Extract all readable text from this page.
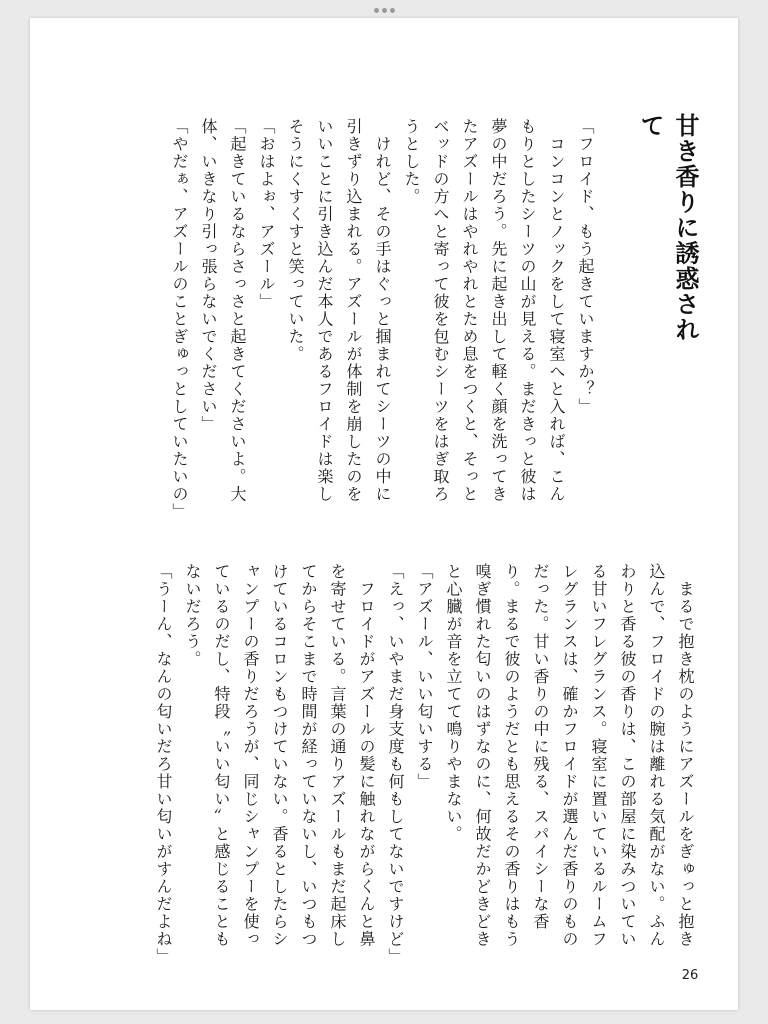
甘き香りに誘惑されて

「フロイド、もう起きていますか？」

　コンコンとノックをして寝室へと入れば、こんもりとしたシーツの山が見える。まだきっと彼は夢の中だろう。先に起き出して軽く顔を洗ってきたアズールはやれやれとため息をつくと、そっとベッドの方へと寄って彼を包むシーツをはぎ取ろうとした。

　けれど、その手はぐっと掴まれてシーツの中に引きずり込まれる。アズールが体制を崩したのをいいことに引き込んだ本人であるフロイドは楽しそうにくすくすと笑っていた。

「おはよぉ、アズール」

「起きているならさっさと起きてくださいよ。大体、いきなり引っ張らないでください」

「やだぁ、アズールのことぎゅっとしていたいの」

　まるで抱き枕のようにアズールをぎゅっと抱き込んで、フロイドの腕は離れる気配がない。ふんわりと香る彼の香りは、この部屋に染みついている甘いフレグランス。寝室に置いているルームフレグランスは、確かフロイドが選んだ香りのものだった。甘い香りの中に残る、スパイシーな香り。まるで彼のようだとも思えるその香りはもう嗅ぎ慣れた匂いのはずなのに、何故だかどきどきと心臓が音を立てて鳴りやまない。

「アズール、いい匂いする」

「えっ、いやまだ身支度も何もしてないですけど」

　フロイドがアズールの髪に触れながらくんと鼻を寄せている。言葉の通りアズールもまだ起床してからそこまで時間が経っていないし、いつもつけているコロンもつけていない。香るとしたらシャンプーの香りだろうが、同じシャンプーを使っているのだし、特段〝いい匂い〟と感じることもないだろう。

「うーん、なんの匂いだろ甘い匂いがすんだよね」

26
